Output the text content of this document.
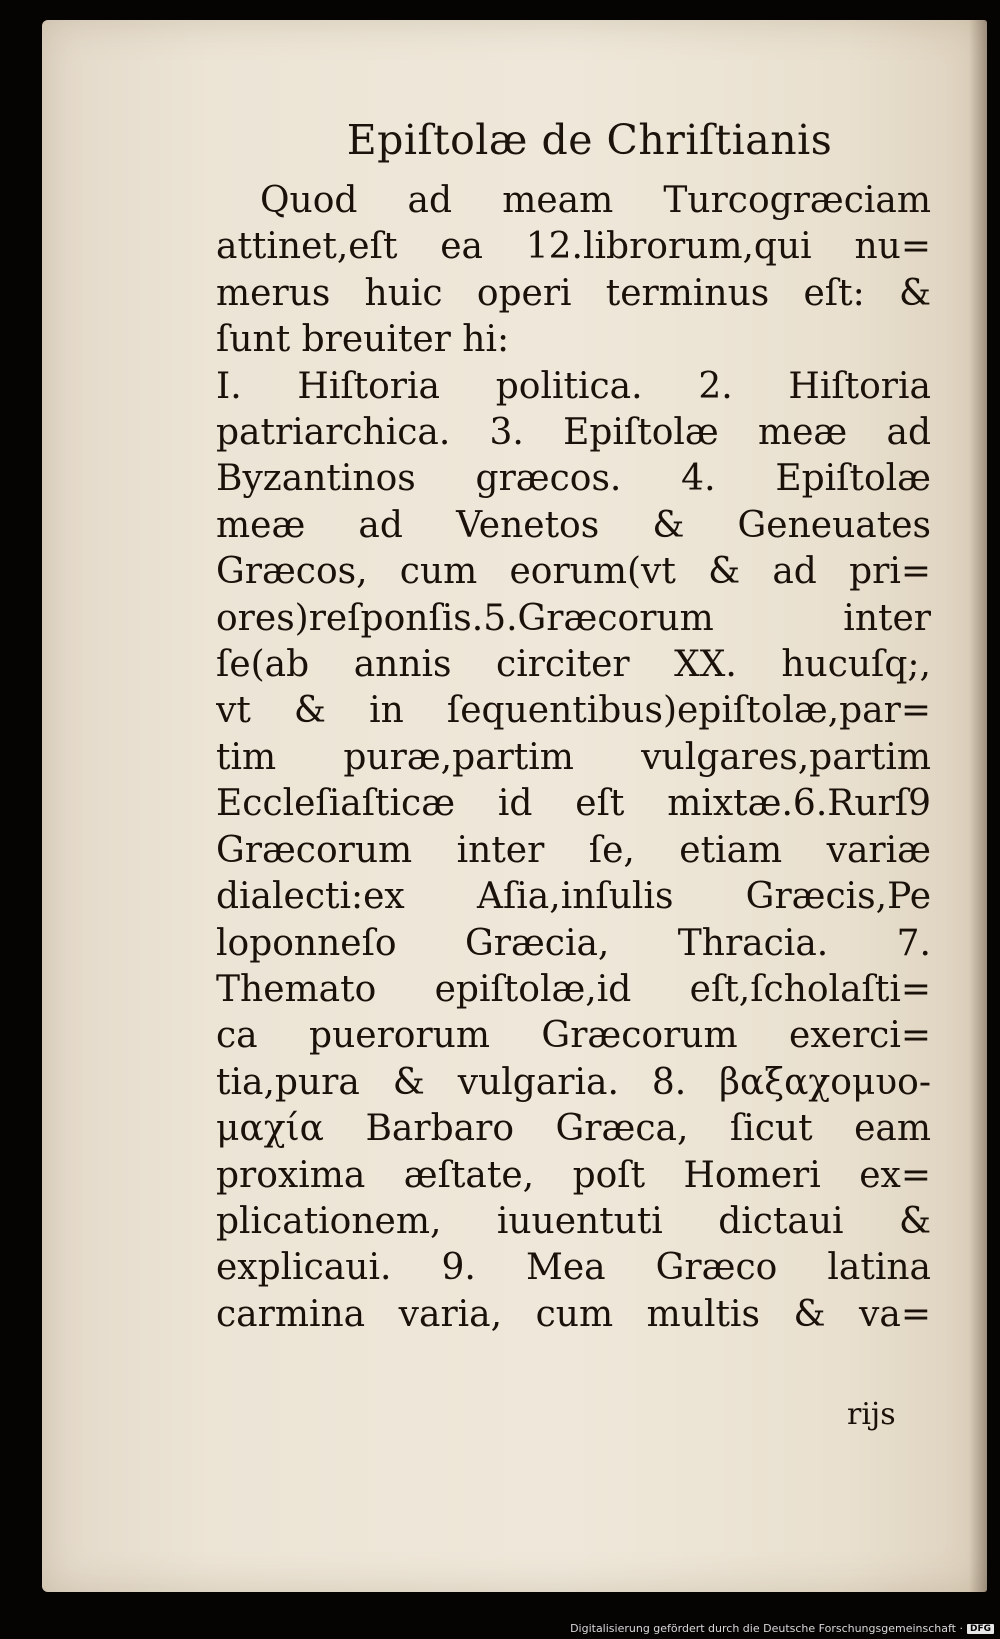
Epiſtolæ de Chriſtianis
Quod ad meam Turcogræciam
attinet,eſt ea 12.librorum,qui nu=
merus huic operi terminus eſt: &
ſunt breuiter hi:
I. Hiſtoria politica. 2. Hiſtoria
patriarchica. 3. Epiſtolæ meæ ad
Byzantinos græcos. 4. Epiſtolæ
meæ ad Venetos & Geneuates
Græcos, cum eorum(vt & ad pri=
ores)reſponſis.5.Græcorum inter
ſe(ab annis circiter XX. hucuſq;,
vt & in ſequentibus)epiſtolæ,par=
tim puræ,partim vulgares,partim
Eccleſiaſticæ id eſt mixtæ.6.Rurſ9
Græcorum inter ſe, etiam variæ
dialecti:ex Aſia,inſulis Græcis,Pe
loponneſo Græcia, Thracia. 7.
Themato epiſtolæ,id eſt,ſcholaſti=
ca puerorum Græcorum exerci=
tia,pura & vulgaria. 8. βαξαχομυο-
μαχία Barbaro Græca, ſicut eam
proxima æſtate, poſt Homeri ex=
plicationem, iuuentuti dictaui &
explicaui. 9. Mea Græco latina
carmina varia, cum multis & va=
rijs
Digitalisierung gefördert durch die Deutsche Forschungsgemeinschaft · DFG
